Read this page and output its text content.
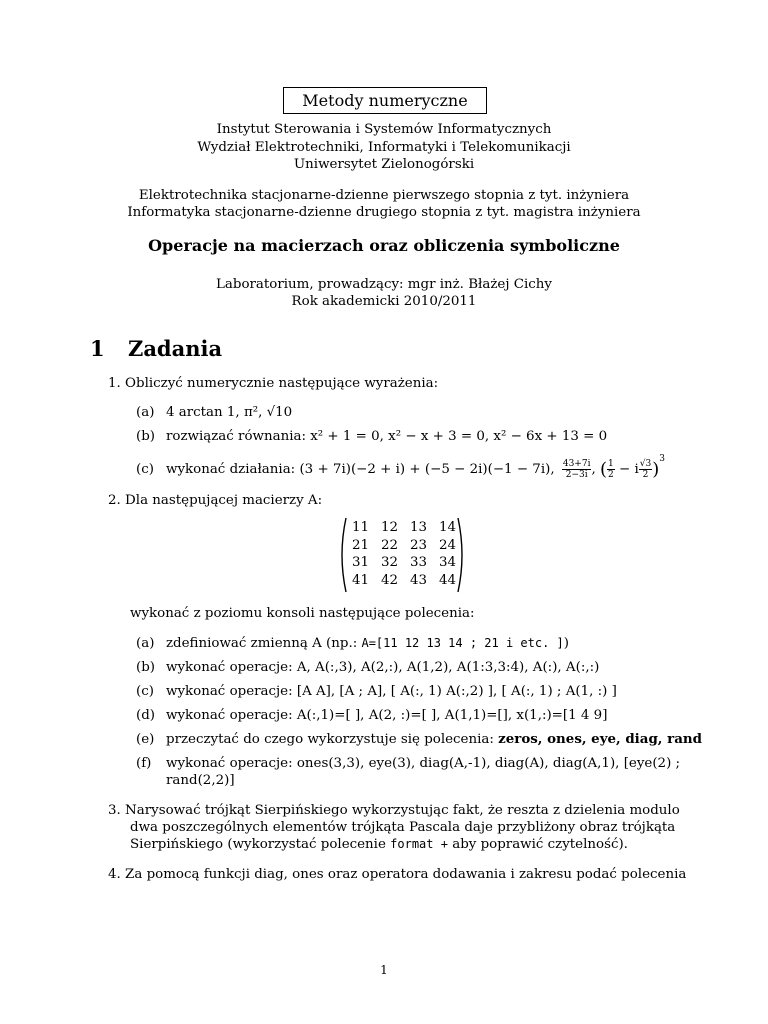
Metody numeryczne
Instytut Sterowania i Systemów Informatycznych
Wydział Elektrotechniki, Informatyki i Telekomunikacji
Uniwersytet Zielonogórski
Elektrotechnika stacjonarne-dzienne pierwszego stopnia z tyt. inżyniera
Informatyka stacjonarne-dzienne drugiego stopnia z tyt. magistra inżyniera
Operacje na macierzach oraz obliczenia symboliczne
Laboratorium, prowadzący: mgr inż. Błażej Cichy
Rok akademicki 2010/2011
1 Zadania
1. Obliczyć numerycznie następujące wyrażenia:
(a) 4 arctan 1, π², √10
(b) rozwiązać równania: x² + 1 = 0, x² − x + 3 = 0, x² − 6x + 13 = 0
(c) wykonać działania: (3 + 7i)(−2 + i) + (−5 − 2i)(−1 − 7i), $\frac{43+7i}{2-3i}$ , ( $\frac{1}{2} - i \frac{√3}{2} )^3$
2. Dla następującej macierzy A:
11 12 13 14
21 22 23 24
31 32 33 34
41 42 43 44
wykonać z poziomu konsoli następujące polecenia:
(a) zdefiniować zmienną A (np.: A=[11 12 13 14 ; 21 i etc. ])
(b) wykonać operacje: A, A(:,3), A(2,:), A(1,2), A(1:3,3:4), A(:), A(:,:)
(c) wykonać operacje: [A A], [A ; A], [ A(:, 1) A(:,2) ], [ A(:, 1) ; A(1, :) ]
(d) wykonać operacje: A(:,1)=[ ], A(2, :)=[ ], A(1,1)=[], x(1,:)=[1 4 9]
(e) przeczytać do czego wykorzystuje się polecenia: zeros, ones, eye, diag, rand
(f) wykonać operacje: ones(3,3), eye(3), diag(A,-1), diag(A), diag(A,1), [eye(2) ;
rand(2,2)]
3. Narysować trójkąt Sierpińskiego wykorzystując fakt, że reszta z dzielenia modulo
dwa poszczególnych elementów trójkąta Pascala daje przybliżony obraz trójkąta
Sierpińskiego (wykorzystać polecenie format + aby poprawić czytelność).
4. Za pomocą funkcji diag, ones oraz operatora dodawania i zakresu podać polecenia
1
